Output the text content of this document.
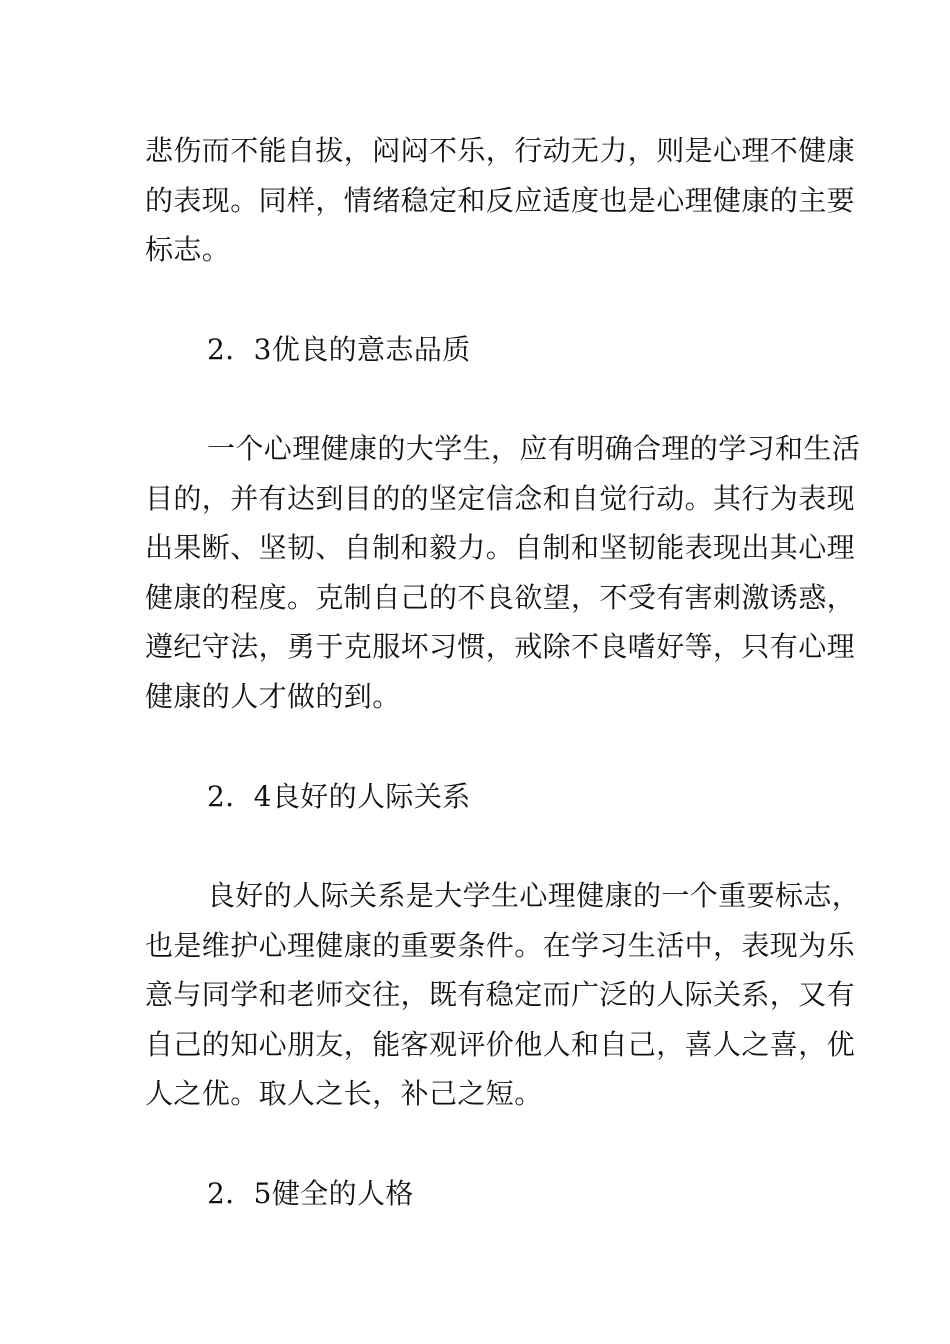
悲伤而不能自拔，闷闷不乐，行动无力，则是心理不健康
的表现。同样，情绪稳定和反应适度也是心理健康的主要
标志。
2．3优良的意志品质
一个心理健康的大学生，应有明确合理的学习和生活
目的，并有达到目的的坚定信念和自觉行动。其行为表现
出果断、坚韧、自制和毅力。自制和坚韧能表现出其心理
健康的程度。克制自己的不良欲望，不受有害刺激诱惑，
遵纪守法，勇于克服坏习惯，戒除不良嗜好等，只有心理
健康的人才做的到。
2．4良好的人际关系
良好的人际关系是大学生心理健康的一个重要标志，
也是维护心理健康的重要条件。在学习生活中，表现为乐
意与同学和老师交往，既有稳定而广泛的人际关系，又有
自己的知心朋友，能客观评价他人和自己，喜人之喜，优
人之优。取人之长，补己之短。
2．5健全的人格
